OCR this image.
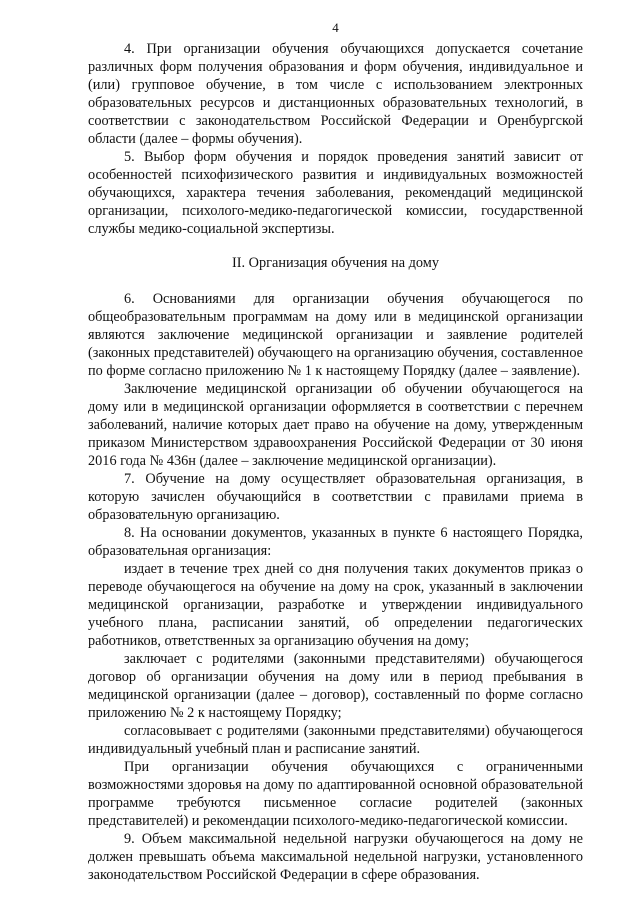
4

4. При организации обучения обучающихся допускается сочетание различных форм получения образования и форм обучения, индивидуальное и (или) групповое обучение, в том числе с использованием электронных образовательных ресурсов и дистанционных образовательных технологий, в соответствии с законодательством Российской Федерации и Оренбургской области (далее – формы обучения).

5. Выбор форм обучения и порядок проведения занятий зависит от особенностей психофизического развития и индивидуальных возможностей обучающихся, характера течения заболевания, рекомендаций медицинской организации, психолого-медико-педагогической комиссии, государственной службы медико-социальной экспертизы.

II. Организация обучения на дому

6. Основаниями для организации обучения обучающегося по общеобразовательным программам на дому или в медицинской организации являются заключение медицинской организации и заявление родителей (законных представителей) обучающего на организацию обучения, составленное по форме согласно приложению № 1 к настоящему Порядку (далее – заявление).

Заключение медицинской организации об обучении обучающегося на дому или в медицинской организации оформляется в соответствии с перечнем заболеваний, наличие которых дает право на обучение на дому, утвержденным приказом Министерством здравоохранения Российской Федерации от 30 июня 2016 года № 436н (далее – заключение медицинской организации).

7. Обучение на дому осуществляет образовательная организация, в которую зачислен обучающийся в соответствии с правилами приема в образовательную организацию.

8. На основании документов, указанных в пункте 6 настоящего Порядка, образовательная организация:

издает в течение трех дней со дня получения таких документов приказ о переводе обучающегося на обучение на дому на срок, указанный в заключении медицинской организации, разработке и утверждении индивидуального учебного плана, расписании занятий, об определении педагогических работников, ответственных за организацию обучения на дому;

заключает с родителями (законными представителями) обучающегося договор об организации обучения на дому или в период пребывания в медицинской организации (далее – договор), составленный по форме согласно приложению № 2 к настоящему Порядку;

согласовывает с родителями (законными представителями) обучающегося индивидуальный учебный план и расписание занятий.

При организации обучения обучающихся с ограниченными возможностями здоровья на дому по адаптированной основной образовательной программе требуются письменное согласие родителей (законных представителей) и рекомендации психолого-медико-педагогической комиссии.

9. Объем максимальной недельной нагрузки обучающегося на дому не должен превышать объема максимальной недельной нагрузки, установленного законодательством Российской Федерации в сфере образования.
